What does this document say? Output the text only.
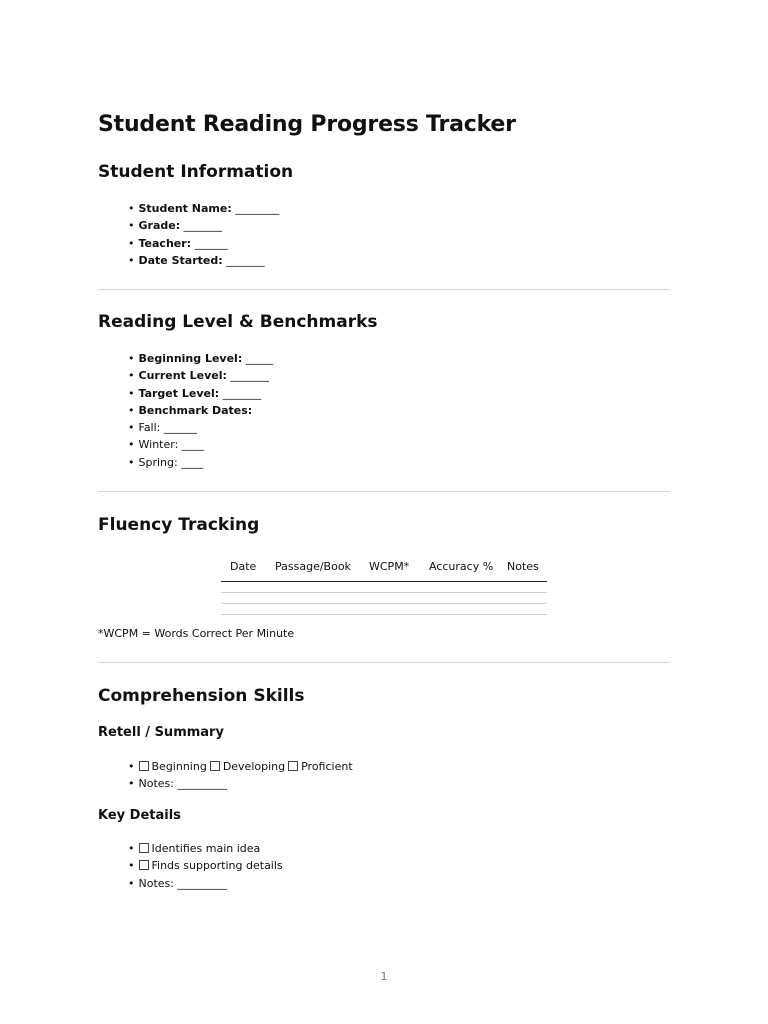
Student Reading Progress Tracker
Student Information
• Student Name: ________
• Grade: _______
• Teacher: ______
• Date Started: _______
Reading Level & Benchmarks
• Beginning Level: _____
• Current Level: _______
• Target Level: _______
• Benchmark Dates:
• Fall: ______
• Winter: ____
• Spring: ____
Fluency Tracking
Date	Passage/Book	WCPM*	Accuracy %	Notes
*WCPM = Words Correct Per Minute
Comprehension Skills
Retell / Summary
• Beginning Developing Proficient
• Notes: _________
Key Details
• Identifies main idea
• Finds supporting details
• Notes: _________
1
